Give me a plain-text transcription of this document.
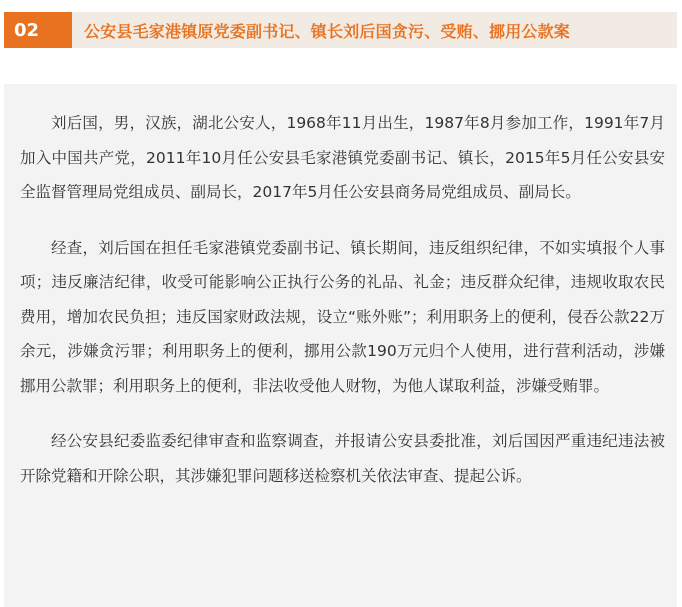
02	公安县毛家港镇原党委副书记、镇长刘后国贪污、受贿、挪用公款案

刘后国，男，汉族，湖北公安人，1968年11月出生，1987年8月参加工作，1991年7月加入中国共产党，2011年10月任公安县毛家港镇党委副书记、镇长，2015年5月任公安县安全监督管理局党组成员、副局长，2017年5月任公安县商务局党组成员、副局长。

经查，刘后国在担任毛家港镇党委副书记、镇长期间，违反组织纪律，不如实填报个人事项；违反廉洁纪律，收受可能影响公正执行公务的礼品、礼金；违反群众纪律，违规收取农民费用，增加农民负担；违反国家财政法规，设立“账外账”；利用职务上的便利，侵吞公款22万余元，涉嫌贪污罪；利用职务上的便利，挪用公款190万元归个人使用，进行营利活动，涉嫌挪用公款罪；利用职务上的便利，非法收受他人财物，为他人谋取利益，涉嫌受贿罪。

经公安县纪委监委纪律审查和监察调查，并报请公安县委批准，刘后国因严重违纪违法被开除党籍和开除公职，其涉嫌犯罪问题移送检察机关依法审查、提起公诉。
